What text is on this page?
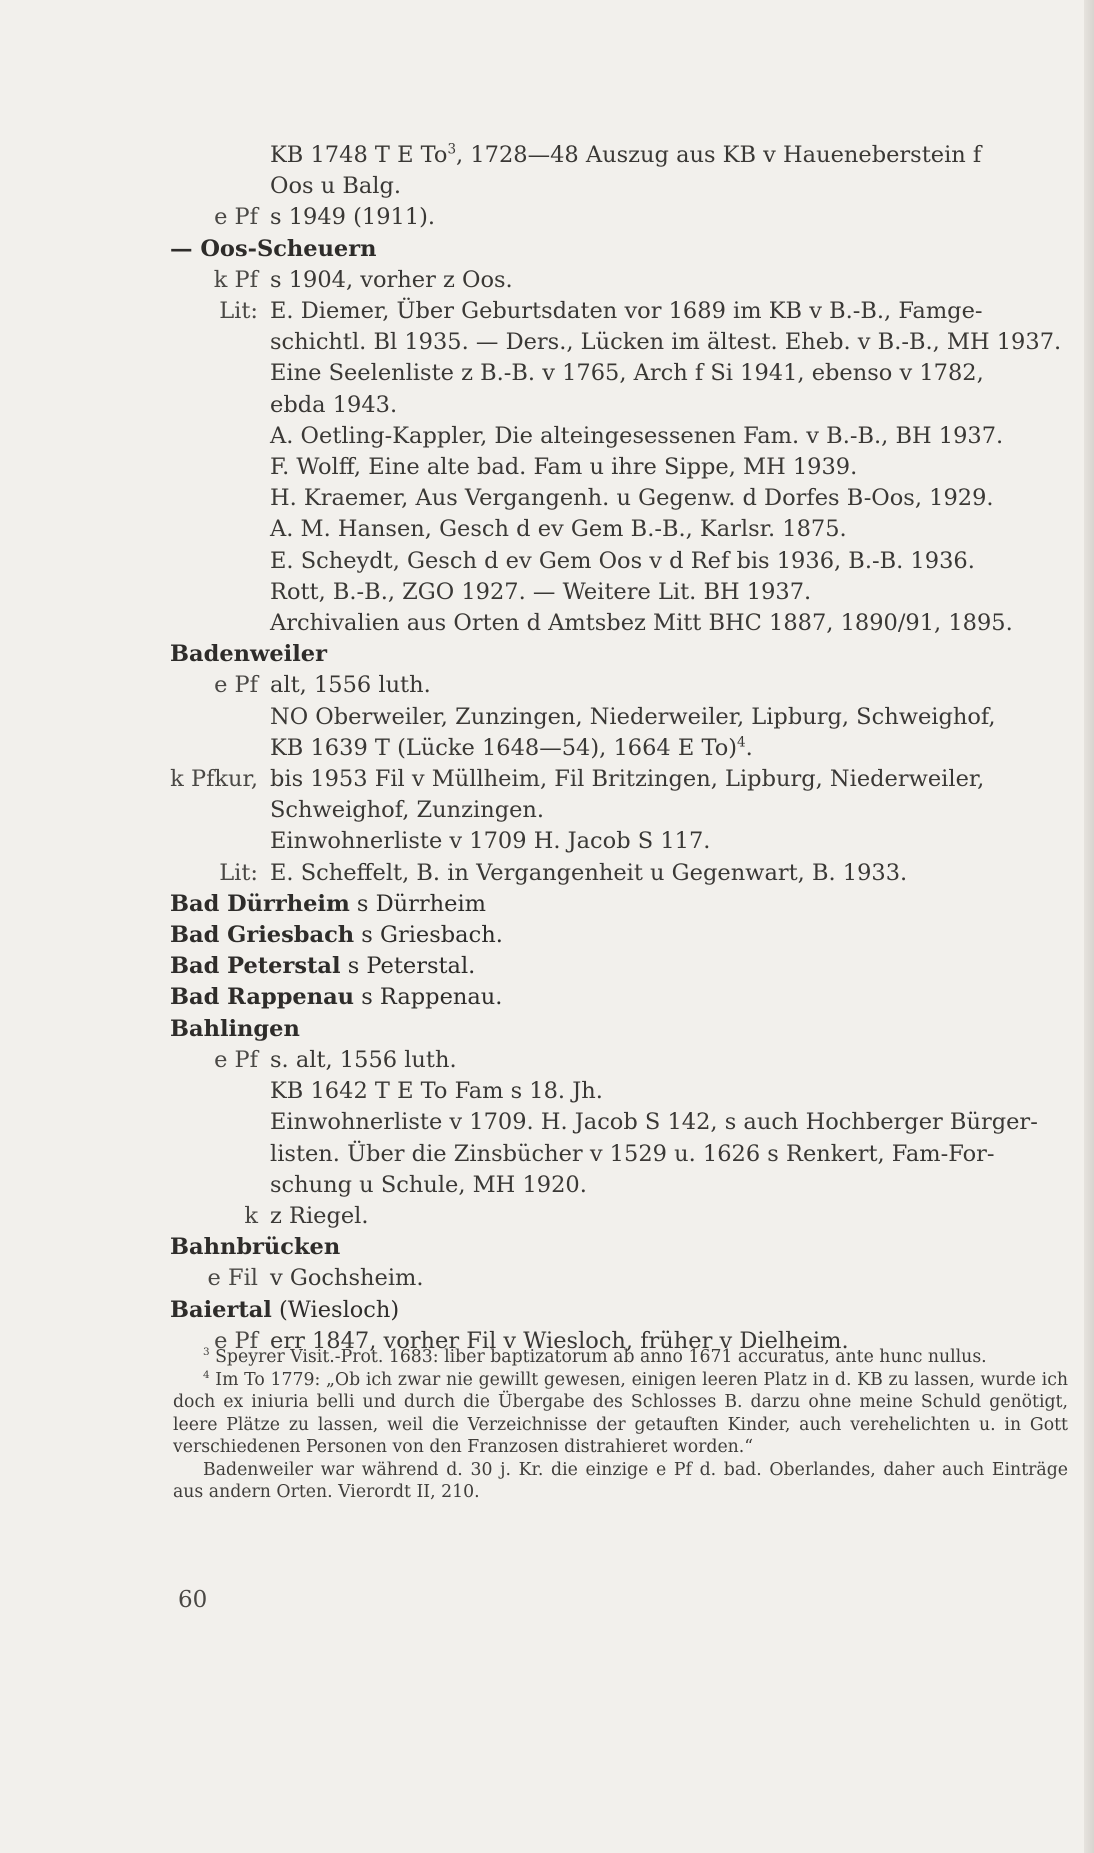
KB 1748 T E To$^3$, 1728—48 Auszug aus KB v Haueneberstein f
Oos u Balg.
e Pf s 1949 (1911).
— Oos-Scheuern
k Pf s 1904, vorher z Oos.
Lit: E. Diemer, Über Geburtsdaten vor 1689 im KB v B.-B., Famge-
schichtl. Bl 1935. — Ders., Lücken im ältest. Eheb. v B.-B., MH 1937.
Eine Seelenliste z B.-B. v 1765, Arch f Si 1941, ebenso v 1782,
ebda 1943.
A. Oetling-Kappler, Die alteingesessenen Fam. v B.-B., BH 1937.
F. Wolff, Eine alte bad. Fam u ihre Sippe, MH 1939.
H. Kraemer, Aus Vergangenh. u Gegenw. d Dorfes B-Oos, 1929.
A. M. Hansen, Gesch d ev Gem B.-B., Karlsr. 1875.
E. Scheydt, Gesch d ev Gem Oos v d Ref bis 1936, B.-B. 1936.
Rott, B.-B., ZGO 1927. — Weitere Lit. BH 1937.
Archivalien aus Orten d Amtsbez Mitt BHC 1887, 1890/91, 1895.
Badenweiler
e Pf alt, 1556 luth.
NO Oberweiler, Zunzingen, Niederweiler, Lipburg, Schweighof,
KB 1639 T (Lücke 1648—54), 1664 E To)$^4$.
k Pfkur, bis 1953 Fil v Müllheim, Fil Britzingen, Lipburg, Niederweiler,
Schweighof, Zunzingen.
Einwohnerliste v 1709 H. Jacob S 117.
Lit: E. Scheffelt, B. in Vergangenheit u Gegenwart, B. 1933.
Bad Dürrheim s Dürrheim
Bad Griesbach s Griesbach.
Bad Peterstal s Peterstal.
Bad Rappenau s Rappenau.
Bahlingen
e Pf s. alt, 1556 luth.
KB 1642 T E To Fam s 18. Jh.
Einwohnerliste v 1709. H. Jacob S 142, s auch Hochberger Bürger-
listen. Über die Zinsbücher v 1529 u. 1626 s Renkert, Fam-For-
schung u Schule, MH 1920.
k z Riegel.
Bahnbrücken
e Fil v Gochsheim.
Baiertal (Wiesloch)
e Pf err 1847, vorher Fil v Wiesloch, früher v Dielheim.

$^3$ Speyrer Visit.-Prot. 1683: liber baptizatorum ab anno 1671 accuratus, ante hunc nullus.

$^4$ Im To 1779: „Ob ich zwar nie gewillt gewesen, einigen leeren Platz in d. KB zu lassen, wurde ich doch ex iniuria belli und durch die Übergabe des Schlosses B. darzu ohne meine Schuld genötigt, leere Plätze zu lassen, weil die Verzeichnisse der getauften Kinder, auch verehelichten u. in Gott verschiedenen Personen von den Franzosen distrahieret worden.“

Badenweiler war während d. 30 j. Kr. die einzige e Pf d. bad. Oberlandes, daher auch Einträge aus andern Orten. Vierordt II, 210.

60
